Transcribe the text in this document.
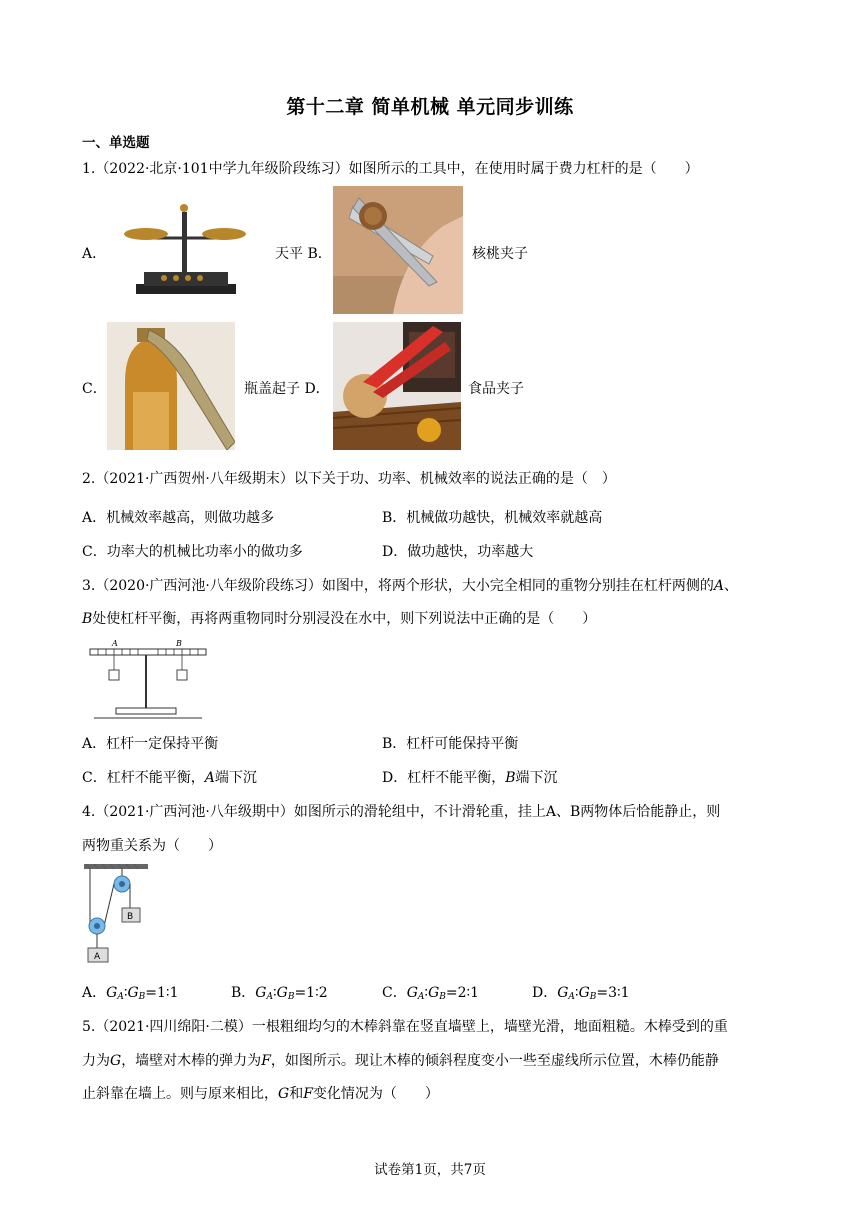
第十二章 简单机械 单元同步训练
一、单选题
1.（2022·北京·101中学九年级阶段练习）如图所示的工具中，在使用时属于费力杠杆的是（　　）
A．	天平 B．	核桃夹子
C．	瓶盖起子 D．	食品夹子
2.（2021·广西贺州·八年级期末）以下关于功、功率、机械效率的说法正确的是（　）
A．机械效率越高，则做功越多	B．机械做功越快，机械效率就越高
C．功率大的机械比功率小的做功多	D．做功越快，功率越大
3.（2020·广西河池·八年级阶段练习）如图中，将两个形状，大小完全相同的重物分别挂在杠杆两侧的A、
B处使杠杆平衡，再将两重物同时分别浸没在水中，则下列说法中正确的是（　　）
A	B
A．杠杆一定保持平衡	B．杠杆可能保持平衡
C．杠杆不能平衡，A端下沉	D．杠杆不能平衡，B端下沉
4.（2021·广西河池·八年级期中）如图所示的滑轮组中，不计滑轮重，挂上A、B两物体后恰能静止，则
两物重关系为（　　）
B
A
A．$G_A∶G_B=1∶1$	B．$G_A∶G_B=1∶2$	C．$G_A∶G_B=2∶1$	D．$G_A∶G_B=3∶1$
5.（2021·四川绵阳·二模）一根粗细均匀的木棒斜靠在竖直墙壁上，墙壁光滑，地面粗糙。木棒受到的重
力为G，墙壁对木棒的弹力为F，如图所示。现让木棒的倾斜程度变小一些至虚线所示位置，木棒仍能静
止斜靠在墙上。则与原来相比，G和F变化情况为（　　）
试卷第1页，共7页
